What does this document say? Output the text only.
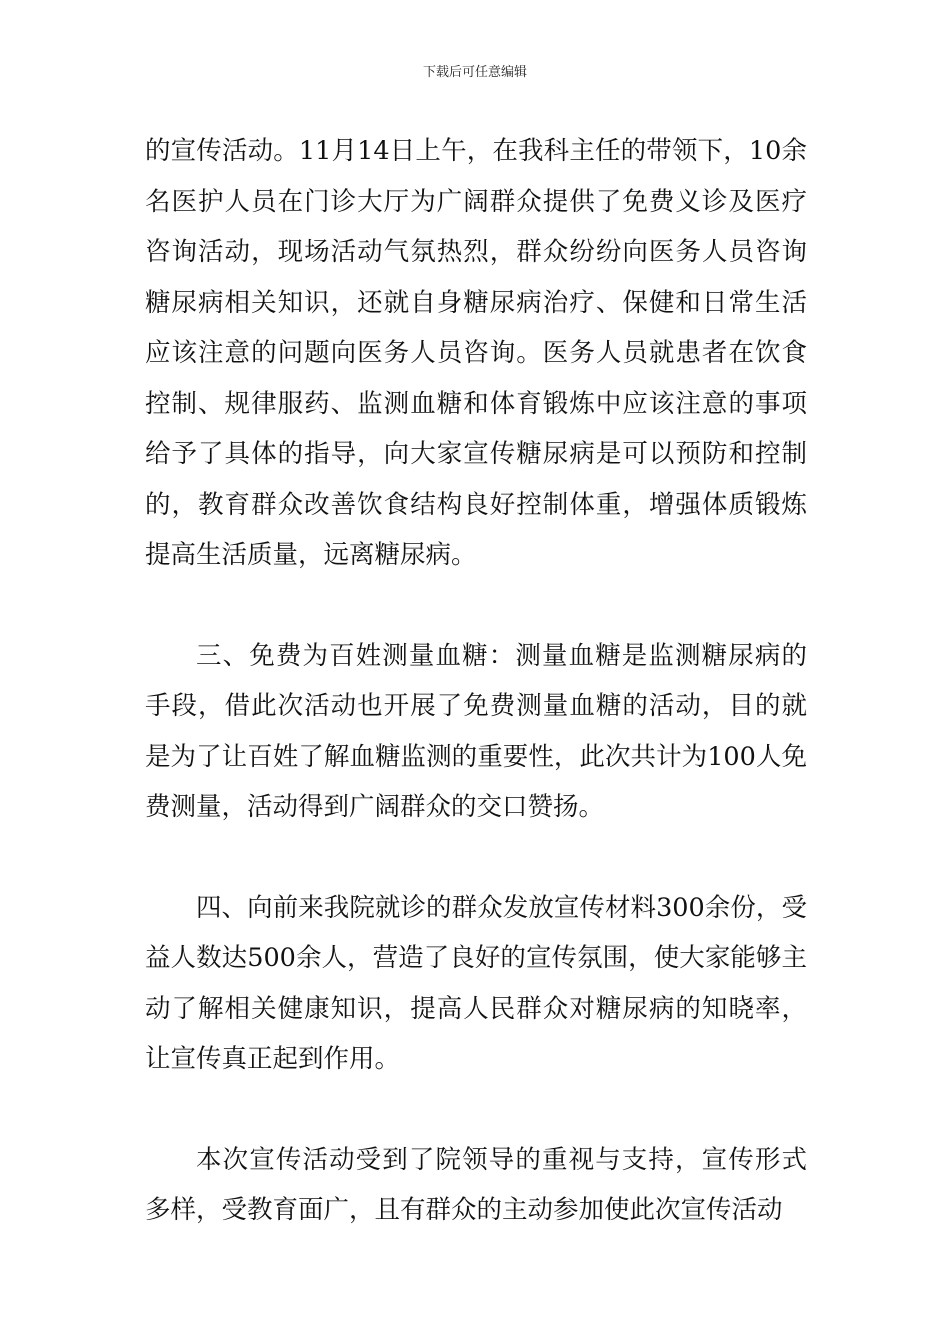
下载后可任意编辑

的宣传活动。11月14日上午，在我科主任的带领下，10余名医护人员在门诊大厅为广阔群众提供了免费义诊及医疗咨询活动，现场活动气氛热烈，群众纷纷向医务人员咨询糖尿病相关知识，还就自身糖尿病治疗、保健和日常生活应该注意的问题向医务人员咨询。医务人员就患者在饮食控制、规律服药、监测血糖和体育锻炼中应该注意的事项给予了具体的指导，向大家宣传糖尿病是可以预防和控制的，教育群众改善饮食结构良好控制体重，增强体质锻炼提高生活质量，远离糖尿病。

三、免费为百姓测量血糖：测量血糖是监测糖尿病的手段，借此次活动也开展了免费测量血糖的活动，目的就是为了让百姓了解血糖监测的重要性，此次共计为100人免费测量，活动得到广阔群众的交口赞扬。

四、向前来我院就诊的群众发放宣传材料300余份，受益人数达500余人，营造了良好的宣传氛围，使大家能够主动了解相关健康知识，提高人民群众对糖尿病的知晓率，让宣传真正起到作用。

本次宣传活动受到了院领导的重视与支持，宣传形式多样，受教育面广，且有群众的主动参加使此次宣传活动
